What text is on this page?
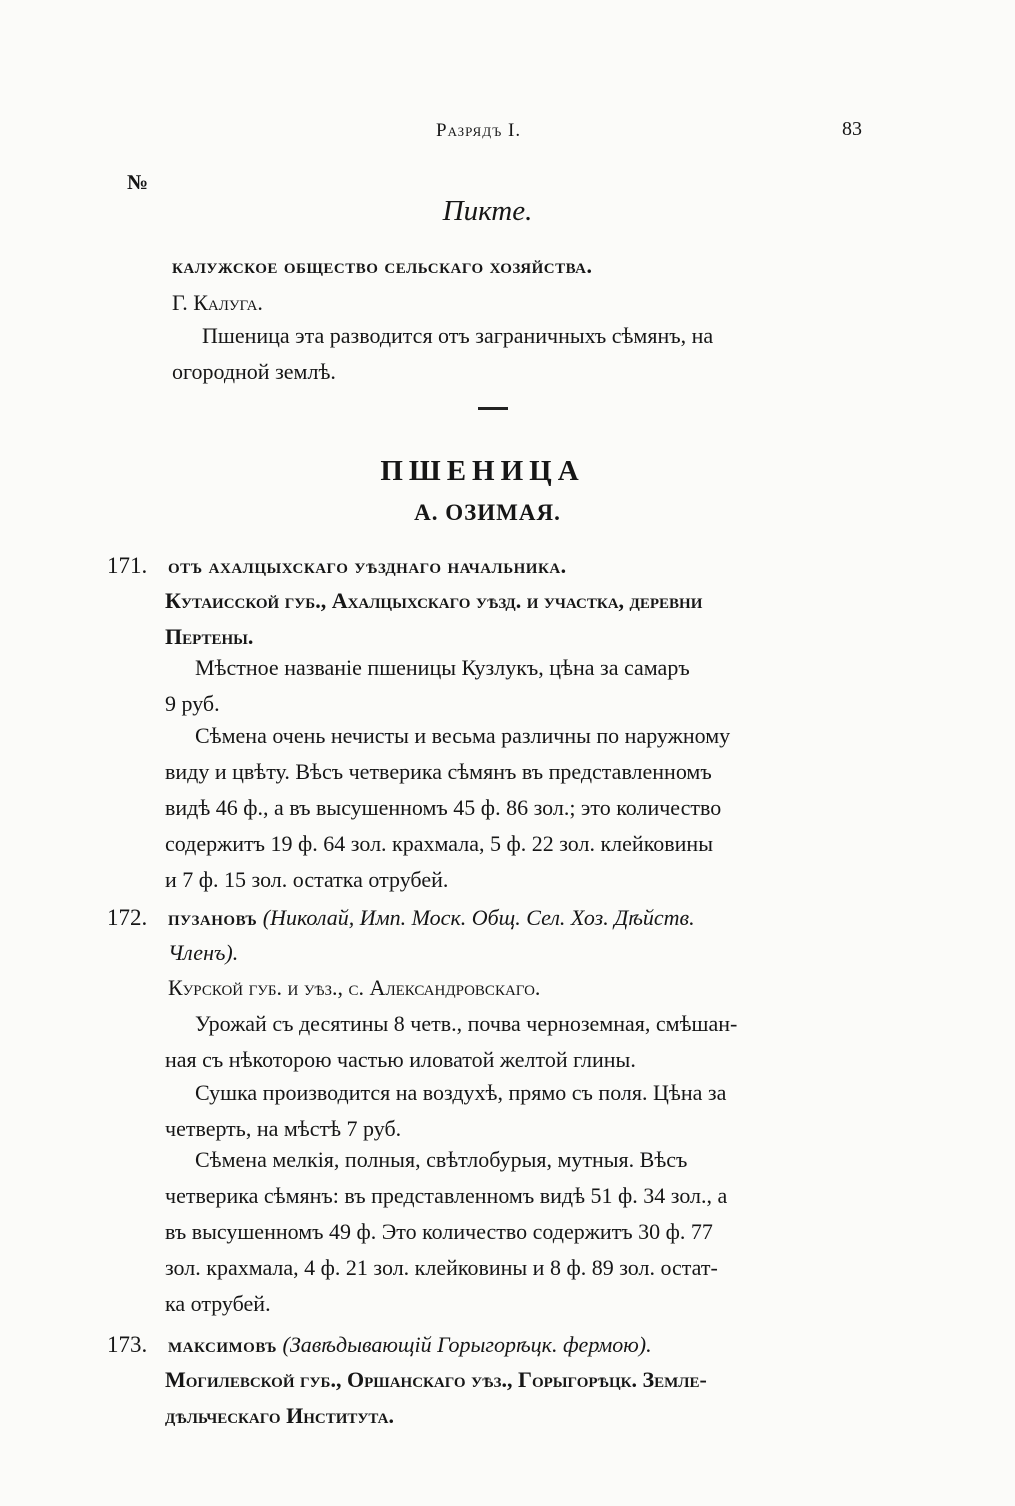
Разрядъ I.	83
№
Пикте.
калужское общество сельскаго хозяйства.
Г. Калуга.
Пшеница эта разводится отъ заграничныхъ сѣмянъ, на
огородной землѣ.
ПШЕНИЦА
А. ОЗИМАЯ.
171. отъ ахалцыхскаго уѣзднаго начальника.
Кутаисской губ., Ахалцыхскаго уѣзд. и участка, деревни
Пертены.
Мѣстное названіе пшеницы Кузлукъ, цѣна за самаръ
9 руб.
Сѣмена очень нечисты и весьма различны по наружному
виду и цвѣту. Вѣсъ четверика сѣмянъ въ представленномъ
видѣ 46 ф., а въ высушенномъ 45 ф. 86 зол.; это количество
содержитъ 19 ф. 64 зол. крахмала, 5 ф. 22 зол. клейковины
и 7 ф. 15 зол. остатка отрубей.
172. пузановъ (Николай, Имп. Моск. Общ. Сел. Хоз. Дѣйств.
Членъ).
Курской губ. и уѣз., с. Александровскаго.
Урожай съ десятины 8 четв., почва черноземная, смѣшан-
ная съ нѣкоторою частью иловатой желтой глины.
Сушка производится на воздухѣ, прямо съ поля. Цѣна за
четверть, на мѣстѣ 7 руб.
Сѣмена мелкія, полныя, свѣтлобурыя, мутныя. Вѣсъ
четверика сѣмянъ: въ представленномъ видѣ 51 ф. 34 зол., а
въ высушенномъ 49 ф. Это количество содержитъ 30 ф. 77
зол. крахмала, 4 ф. 21 зол. клейковины и 8 ф. 89 зол. остат-
ка отрубей.
173. максимовъ (Завѣдывающій Горыгорѣцк. фермою).
Могилевской губ., Оршанскаго уѣз., Горыгорѣцк. Земле-
дѣльческаго Института.
